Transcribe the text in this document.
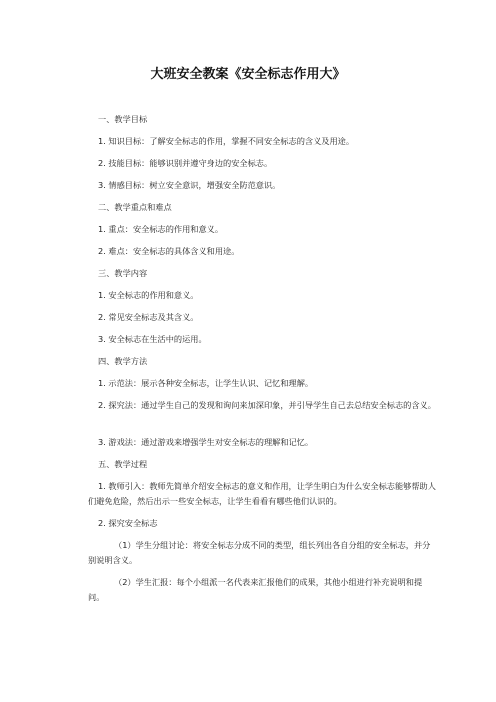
大班安全教案《安全标志作用大》
一、教学目标
1. 知识目标：了解安全标志的作用，掌握不同安全标志的含义及用途。
2. 技能目标：能够识别并遵守身边的安全标志。
3. 情感目标：树立安全意识，增强安全防范意识。
二、教学重点和难点
1. 重点：安全标志的作用和意义。
2. 难点：安全标志的具体含义和用途。
三、教学内容
1. 安全标志的作用和意义。
2. 常见安全标志及其含义。
3. 安全标志在生活中的运用。
四、教学方法
1. 示范法：展示各种安全标志，让学生认识、记忆和理解。
2. 探究法：通过学生自己的发现和询问来加深印象，并引导学生自己去总结安全标志的含义。
3. 游戏法：通过游戏来增强学生对安全标志的理解和记忆。
五、教学过程
1. 教师引入：教师先简单介绍安全标志的意义和作用，让学生明白为什么安全标志能够帮助人们避免危险，然后出示一些安全标志，让学生看看有哪些他们认识的。
2. 探究安全标志
（1）学生分组讨论：将安全标志分成不同的类型，组长列出各自分组的安全标志，并分别说明含义。
（2）学生汇报：每个小组派一名代表来汇报他们的成果，其他小组进行补充说明和提问。
